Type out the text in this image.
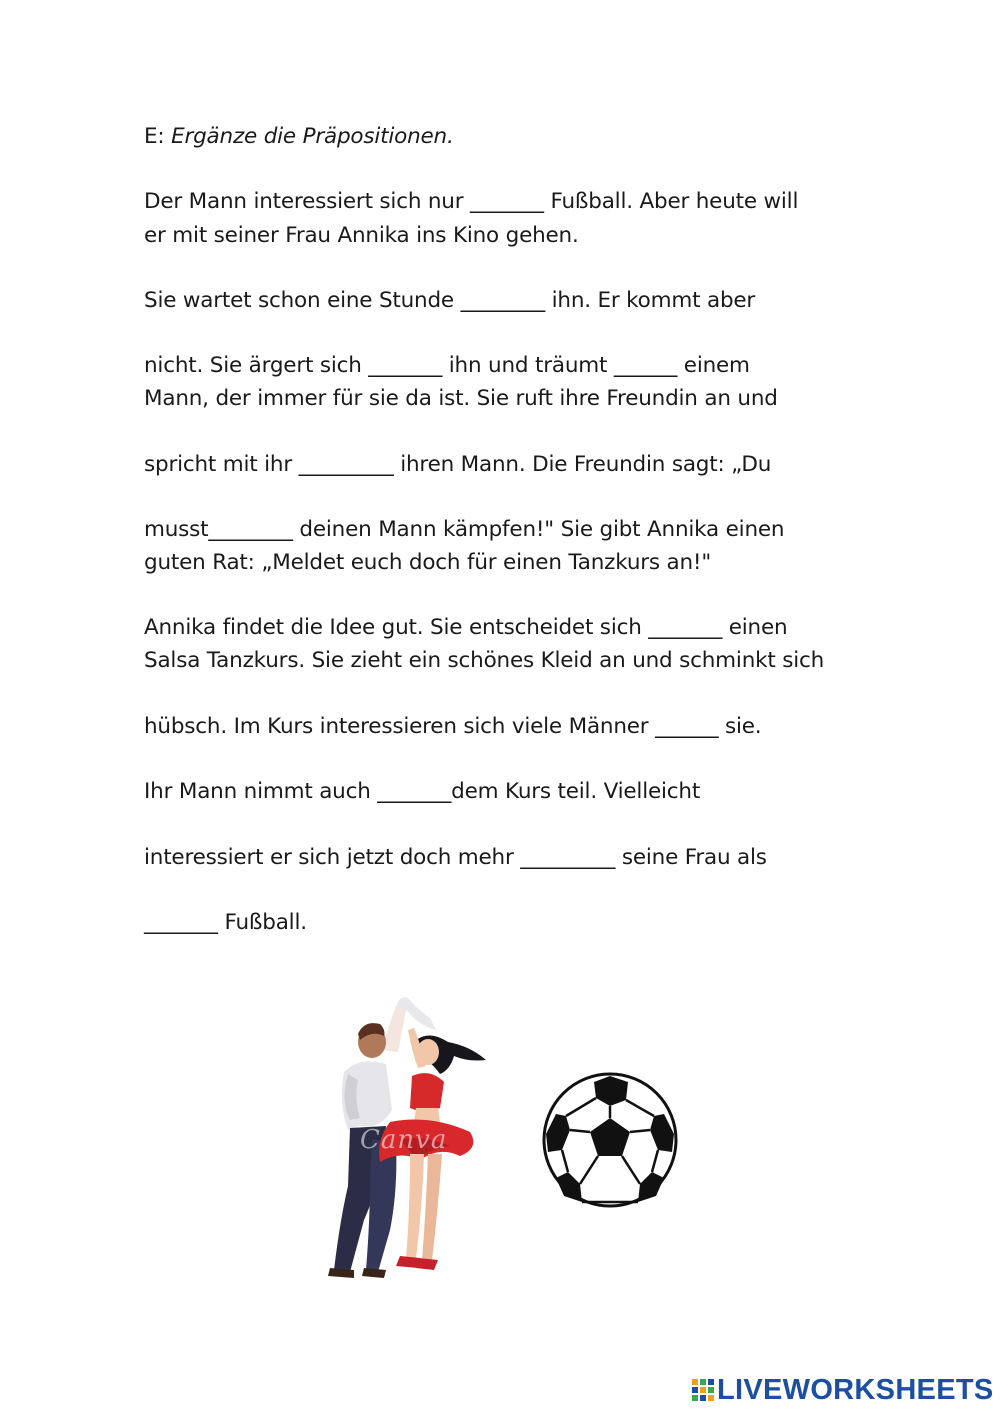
E: Ergänze die Präpositionen.
Der Mann interessiert sich nur _______ Fußball. Aber heute will
er mit seiner Frau Annika ins Kino gehen.
Sie wartet schon eine Stunde ________ ihn. Er kommt aber
nicht. Sie ärgert sich _______ ihn und träumt ______ einem
Mann, der immer für sie da ist. Sie ruft ihre Freundin an und
spricht mit ihr _________ ihren Mann. Die Freundin sagt: „Du
musst________ deinen Mann kämpfen!" Sie gibt Annika einen
guten Rat: „Meldet euch doch für einen Tanzkurs an!"
Annika findet die Idee gut. Sie entscheidet sich _______ einen
Salsa Tanzkurs. Sie zieht ein schönes Kleid an und schminkt sich
hübsch. Im Kurs interessieren sich viele Männer ______ sie.
Ihr Mann nimmt auch _______dem Kurs teil. Vielleicht
interessiert er sich jetzt doch mehr _________ seine Frau als
_______ Fußball.
Canva
LIVEWORKSHEETS
